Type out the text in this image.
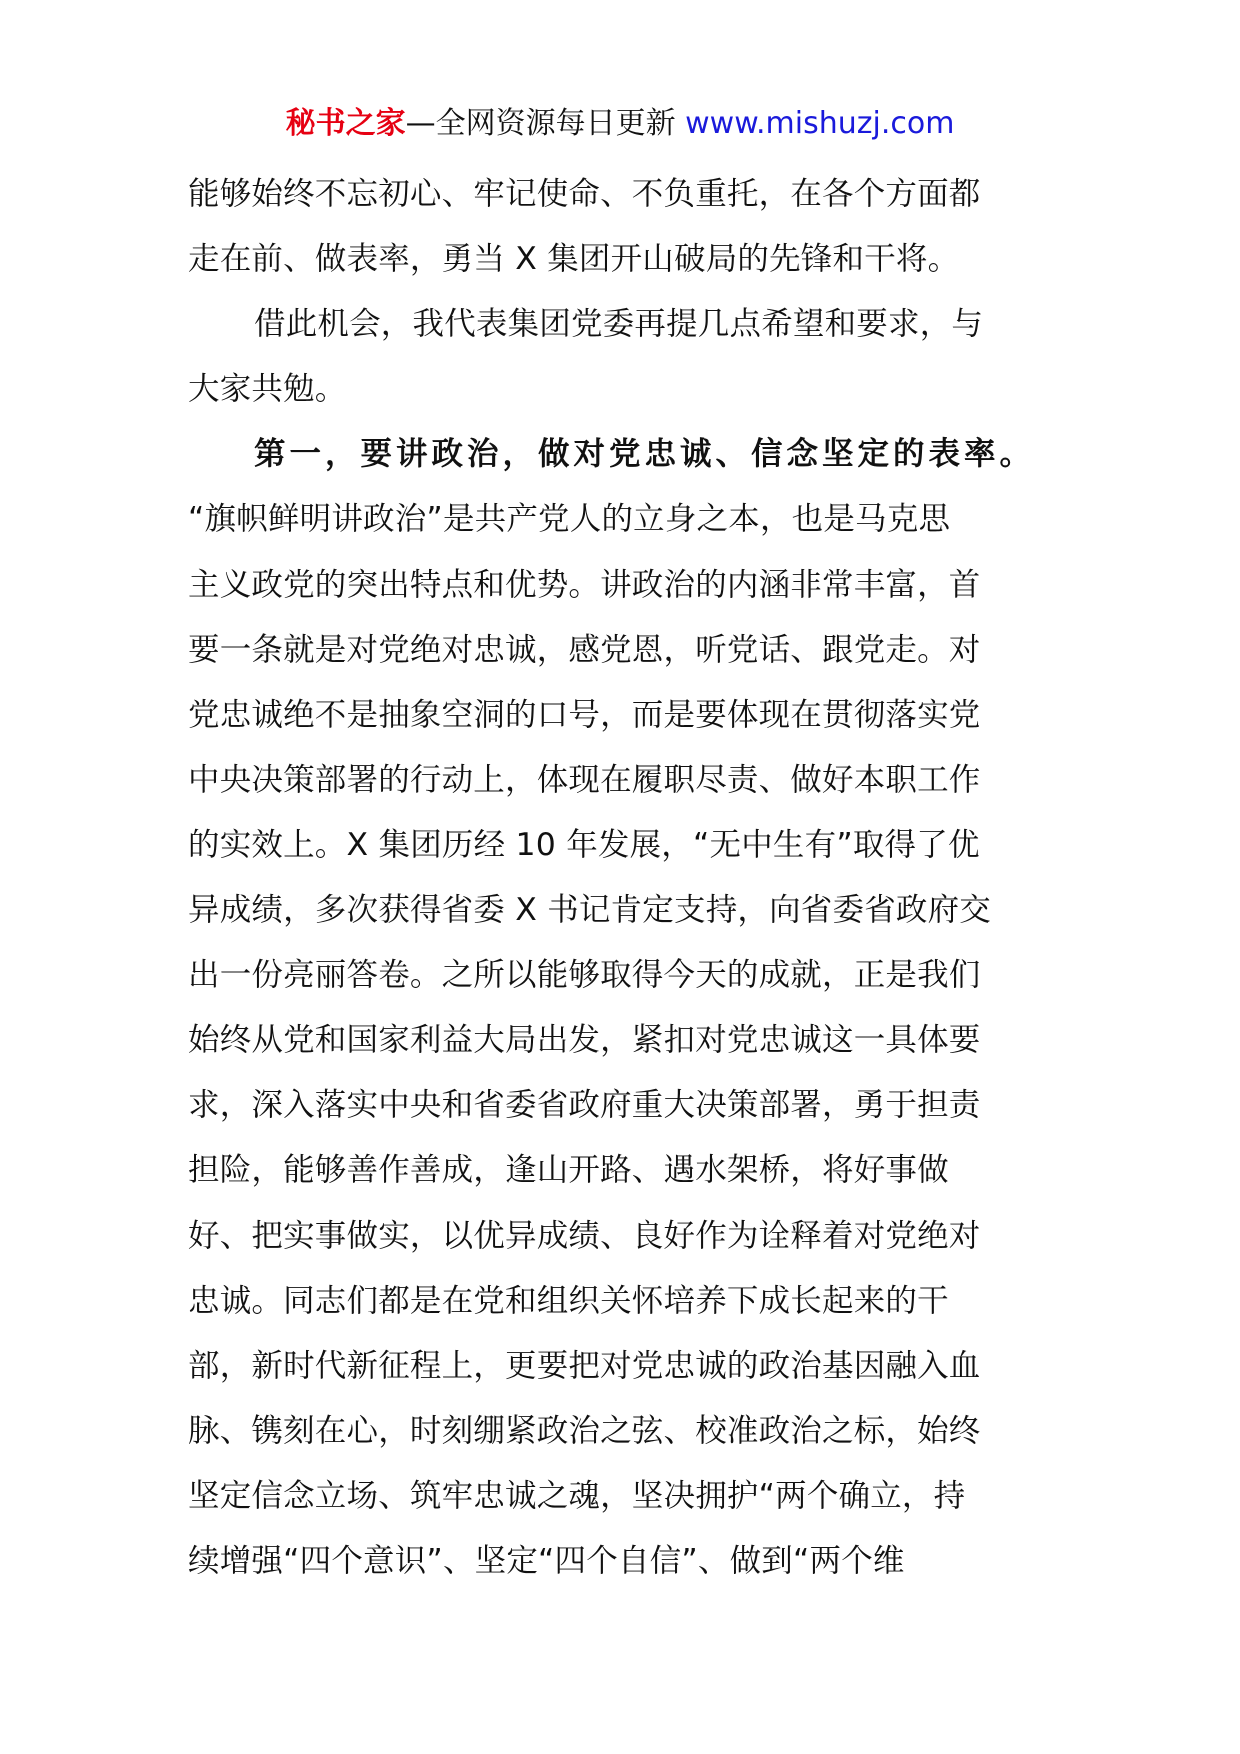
秘书之家—全网资源每日更新 www.mishuzj.com
能够始终不忘初心、牢记使命、不负重托，在各个方面都
走在前、做表率，勇当 X 集团开山破局的先锋和干将。
借此机会，我代表集团党委再提几点希望和要求，与
大家共勉。
第一，要讲政治，做对党忠诚、信念坚定的表率。
“旗帜鲜明讲政治”是共产党人的立身之本，也是马克思
主义政党的突出特点和优势。讲政治的内涵非常丰富，首
要一条就是对党绝对忠诚，感党恩，听党话、跟党走。对
党忠诚绝不是抽象空洞的口号，而是要体现在贯彻落实党
中央决策部署的行动上，体现在履职尽责、做好本职工作
的实效上。X 集团历经 10 年发展，“无中生有”取得了优
异成绩，多次获得省委 X 书记肯定支持，向省委省政府交
出一份亮丽答卷。之所以能够取得今天的成就，正是我们
始终从党和国家利益大局出发，紧扣对党忠诚这一具体要
求，深入落实中央和省委省政府重大决策部署，勇于担责
担险，能够善作善成，逢山开路、遇水架桥，将好事做
好、把实事做实，以优异成绩、良好作为诠释着对党绝对
忠诚。同志们都是在党和组织关怀培养下成长起来的干
部，新时代新征程上，更要把对党忠诚的政治基因融入血
脉、镌刻在心，时刻绷紧政治之弦、校准政治之标，始终
坚定信念立场、筑牢忠诚之魂，坚决拥护“两个确立，持
续增强“四个意识”、坚定“四个自信”、做到“两个维
